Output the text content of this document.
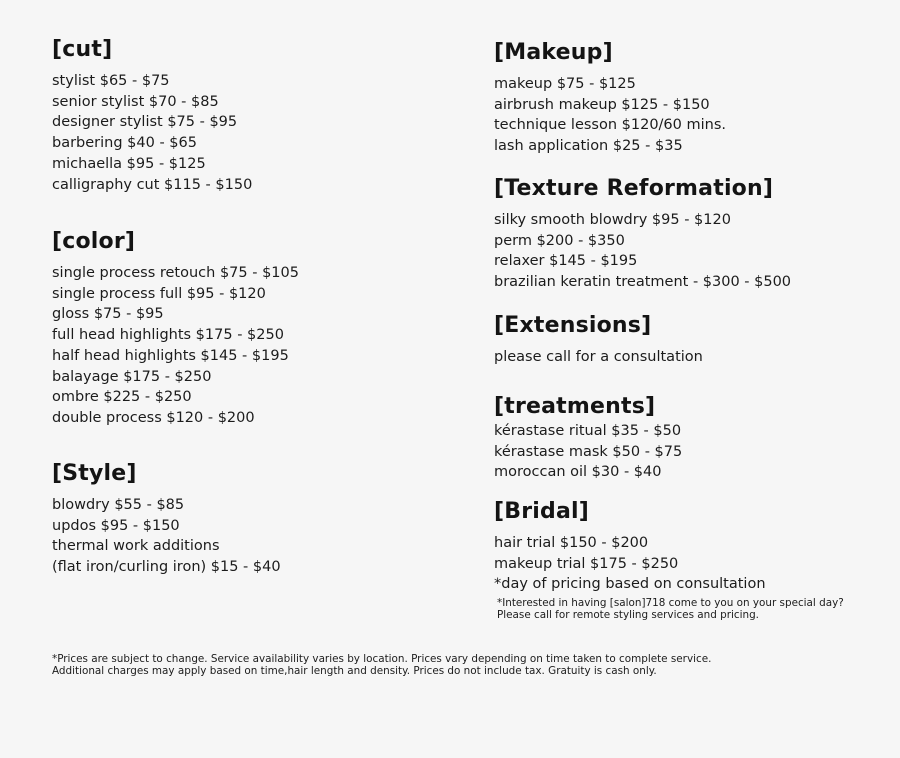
[cut]
stylist $65 - $75
senior stylist $70 - $85
designer stylist $75 - $95
barbering $40 - $65
michaella $95 - $125
calligraphy cut $115 - $150
[color]
single process retouch $75 - $105
single process full $95 - $120
gloss $75 - $95
full head highlights $175 - $250
half head highlights $145 - $195
balayage $175 - $250
ombre $225 - $250
double process $120 - $200
[Style]
blowdry $55 - $85
updos $95 - $150
thermal work additions
(flat iron/curling iron) $15 - $40
[Makeup]
makeup $75 - $125
airbrush makeup $125 - $150
technique lesson $120/60 mins.
lash application $25 - $35
[Texture Reformation]
silky smooth blowdry $95 - $120
perm $200 - $350
relaxer $145 - $195
brazilian keratin treatment - $300 - $500
[Extensions]
please call for a consultation
[treatments]
kérastase ritual $35 - $50
kérastase mask $50 - $75
moroccan oil $30 - $40
[Bridal]
hair trial $150 - $200
makeup trial $175 - $250
*day of pricing based on consultation
*Interested in having [salon]718 come to you on your special day?
Please call for remote styling services and pricing.
*Prices are subject to change. Service availability varies by location. Prices vary depending on time taken to complete service.
Additional charges may apply based on time,hair length and density. Prices do not include tax. Gratuity is cash only.
